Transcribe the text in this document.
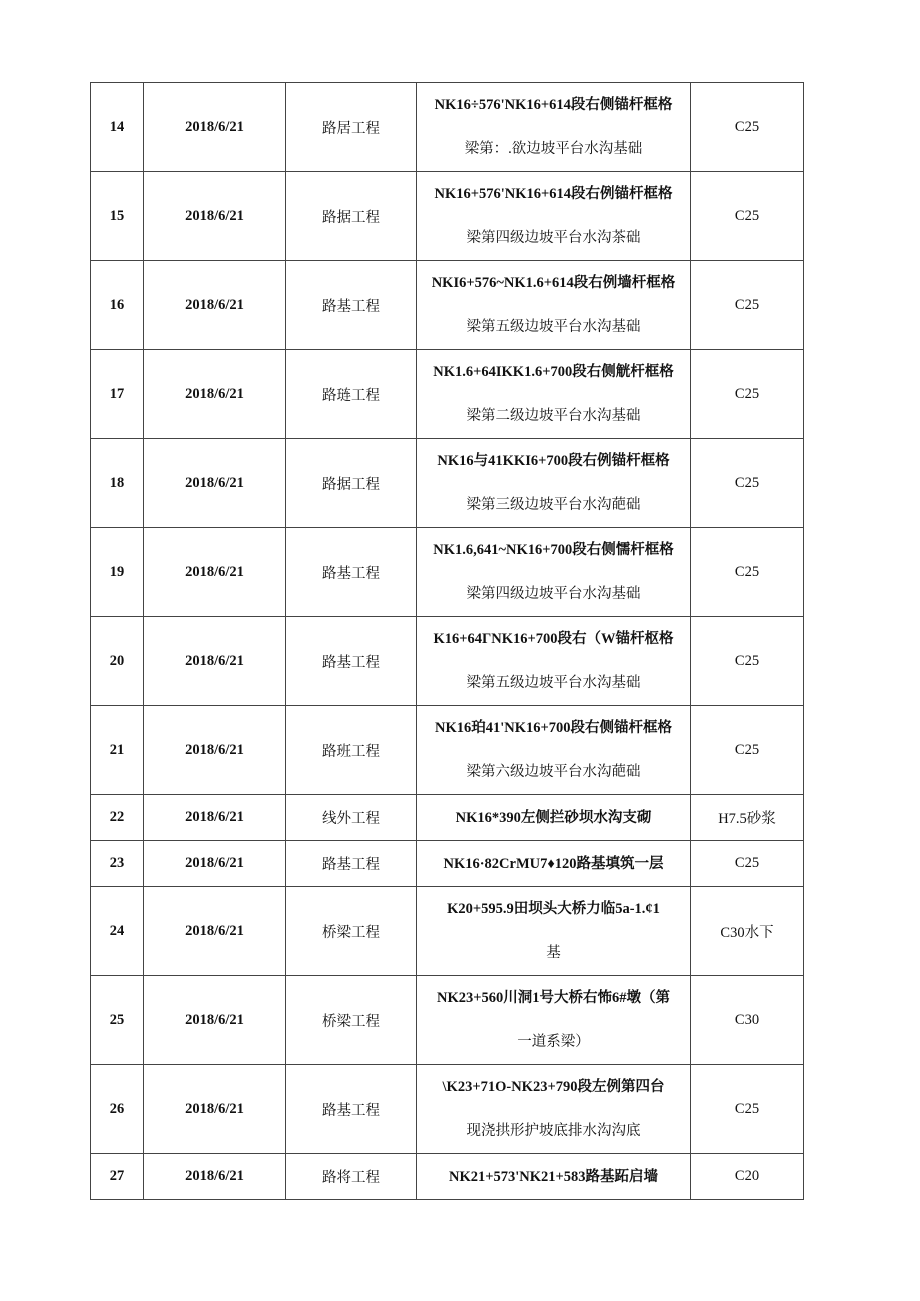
14	2018/6/21	路居工程	NK16÷576'NK16+614段右侧锚杆框格
梁第：.欲边坡平台水沟基础	C25
15	2018/6/21	路据工程	NK16+576'NK16+614段右例锚杆框格
梁第四级边坡平台水沟茶础	C25
16	2018/6/21	路基工程	NKI6+576~NK1.6+614段右例墙杆框格
梁第五级边坡平台水沟基础	C25
17	2018/6/21	路琏工程	NK1.6+64IKK1.6+700段右侧觥杆框格
梁第二级边坡平台水沟基础	C25
18	2018/6/21	路据工程	NK16与41KKI6+700段右例锚杆框格
梁第三级边坡平台水沟葩础	C25
19	2018/6/21	路基工程	NK1.6,641~NK16+700段右侧懦杆框格
梁第四级边坡平台水沟基础	C25
20	2018/6/21	路基工程	K16+64ΓNK16+700段右（W锚杆枢格
梁第五级边坡平台水沟基础	C25
21	2018/6/21	路班工程	NK16珀41'NK16+700段右侧锚杆框格
梁第六级边坡平台水沟葩础	C25
22	2018/6/21	线外工程	NK16*390左侧拦砂坝水沟支砌	H7.5砂浆
23	2018/6/21	路基工程	NK16·82CrMU7♦120路基填筑一层	C25
24	2018/6/21	桥梁工程	K20+595.9田坝头大桥力临5a-1.¢1
基	C30水下
25	2018/6/21	桥梁工程	NK23+560川洞1号大桥右怖6#墩（第
一道系梁）	C30
26	2018/6/21	路基工程	\K23+71O-NK23+790段左例第四台
现浇拱形护坡底排水沟沟底	C25
27	2018/6/21	路将工程	NK21+573'NK21+583路基跖启墙	C20
